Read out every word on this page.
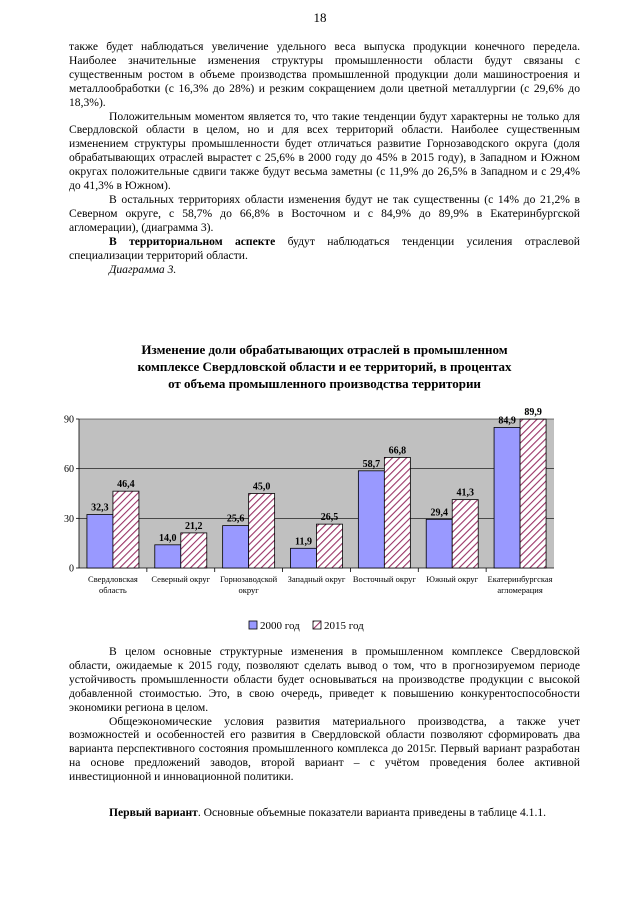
18

также будет наблюдаться увеличение удельного веса выпуска продукции конечного передела. Наиболее значительные изменения структуры промышленности области будут связаны с существенным ростом в объеме производства промышленной продукции доли машиностроения и металлообработки (с 16,3% до 28%) и резким сокращением доли цветной металлургии (с 29,6% до 18,3%).

Положительным моментом является то, что такие тенденции будут характерны не только для Свердловской области в целом, но и для всех территорий области. Наиболее существенным изменением структуры промышленности будет отличаться развитие Горнозаводского округа (доля обрабатывающих отраслей вырастет с 25,6% в 2000 году до 45% в 2015 году), в Западном и Южном округах положительные сдвиги также будут весьма заметны (с 11,9% до 26,5% в Западном и с 29,4% до 41,3% в Южном).

В остальных территориях области изменения будут не так существенны (с 14% до 21,2% в Северном округе, с 58,7% до 66,8% в Восточном и с 84,9% до 89,9% в Екатеринбургской агломерации), (диаграмма 3).

В территориальном аспекте будут наблюдаться тенденции усиления отраслевой специализации территорий области.

Диаграмма 3.

Изменение доли обрабатывающих отраслей в промышленном
комплексе Свердловской области и ее территорий, в процентах
от объема промышленного производства территории
0
30
60
90
32,3
46,4
Свердловская
область
14,0
21,2
Северный округ
25,6
45,0
Горнозаводской
округ
11,9
26,5
Западный округ
58,7
66,8
Восточный округ
29,4
41,3
Южный округ
84,9
89,9
Екатеринбургская
агломерация
2000 год 2015 год

В целом основные структурные изменения в промышленном комплексе Свердловской области, ожидаемые к 2015 году, позволяют сделать вывод о том, что в прогнозируемом периоде устойчивость промышленности области будет основываться на производстве продукции с высокой добавленной стоимостью. Это, в свою очередь, приведет к повышению конкурентоспособности экономики региона в целом.

Общеэкономические условия развития материального производства, а также учет возможностей и особенностей его развития в Свердловской области позволяют сформировать два варианта перспективного состояния промышленного комплекса до 2015г. Первый вариант разработан на основе предложений заводов, второй вариант – с учётом проведения более активной инвестиционной и инновационной политики.

Первый вариант. Основные объемные показатели варианта приведены в таблице 4.1.1.
